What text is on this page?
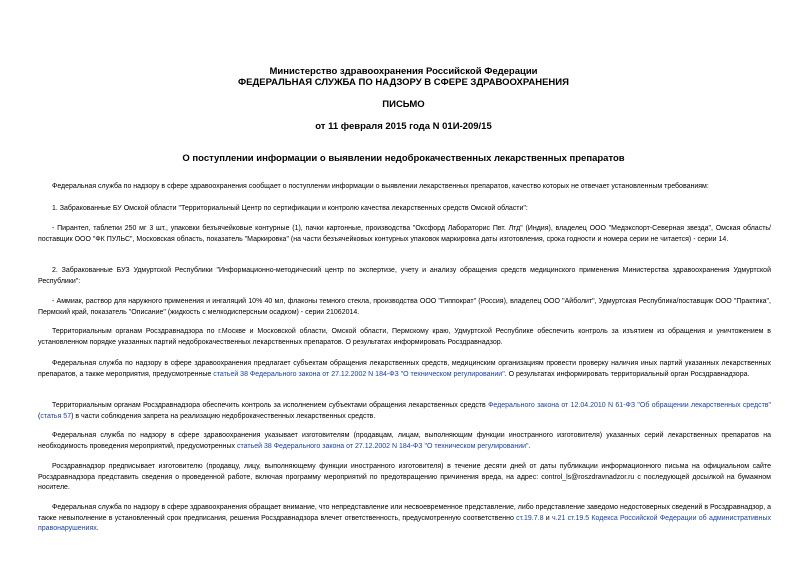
Министерство здравоохранения Российской Федерации
ФЕДЕРАЛЬНАЯ СЛУЖБА ПО НАДЗОРУ В СФЕРЕ ЗДРАВООХРАНЕНИЯ
ПИСЬМО
от 11 февраля 2015 года N 01И-209/15
О поступлении информации о выявлении недоброкачественных лекарственных препаратов

Федеральная служба по надзору в сфере здравоохранения сообщает о поступлении информации о выявлении лекарственных препаратов, качество которых не отвечает установленным требованиям:

1. Забракованные БУ Омской области "Территориальный Центр по сертификации и контролю качества лекарственных средств Омской области":

- Пирантел, таблетки 250 мг 3 шт., упаковки безъячейковые контурные (1), пачки картонные, производства "Оксфорд Лабораторис Пвт. Лтд" (Индия), владелец ООО "Медэкспорт-Северная звезда", Омская область/поставщик ООО "ФК ПУЛЬС", Московская область, показатель "Маркировка" (на части безъячейковых контурных упаковок маркировка даты изготовления, срока годности и номера серии не читается) - серии 14.

2. Забракованные БУЗ Удмуртской Республики "Информационно-методический центр по экспертизе, учету и анализу обращения средств медицинского применения Министерства здравоохранения Удмуртской Республики":

- Аммиак, раствор для наружного применения и ингаляций 10% 40 мл, флаконы темного стекла, производства ООО "Гиппократ" (Россия), владелец ООО "Айболит", Удмуртская Республика/поставщик ООО "Практика", Пермский край, показатель "Описание" (жидкость с мелкодисперсным осадком) - серии 21062014.

Территориальным органам Росздравнадзора по г.Москве и Московской области, Омской области, Пермскому краю, Удмуртской Республике обеспечить контроль за изъятием из обращения и уничтожением в установленном порядке указанных партий недоброкачественных лекарственных препаратов. О результатах информировать Росздравнадзор.

Федеральная служба по надзору в сфере здравоохранения предлагает субъектам обращения лекарственных средств, медицинским организациям провести проверку наличия иных партий указанных лекарственных препаратов, а также мероприятия, предусмотренные статьей 38 Федерального закона от 27.12.2002 N 184-ФЗ "О техническом регулировании". О результатах информировать территориальный орган Росздравнадзора.

Территориальным органам Росздравнадзора обеспечить контроль за исполнением субъектами обращения лекарственных средств Федерального закона от 12.04.2010 N 61-ФЗ "Об обращении лекарственных средств" (статья 57) в части соблюдения запрета на реализацию недоброкачественных лекарственных средств.

Федеральная служба по надзору в сфере здравоохранения указывает изготовителям (продавцам, лицам, выполняющим функции иностранного изготовителя) указанных серий лекарственных препаратов на необходимость проведения мероприятий, предусмотренных статьей 38 Федерального закона от 27.12.2002 N 184-ФЗ "О техническом регулировании".

Росздравнадзор предписывает изготовителю (продавцу, лицу, выполняющему функции иностранного изготовителя) в течение десяти дней от даты публикации информационного письма на официальном сайте Росздравнадзора представить сведения о проведенной работе, включая программу мероприятий по предотвращению причинения вреда, на адрес: control_ls@roszdravnadzor.ru с последующей досылкой на бумажном носителе.

Федеральная служба по надзору в сфере здравоохранения обращает внимание, что непредставление или несвоевременное представление, либо представление заведомо недостоверных сведений в Росздравнадзор, а также невыполнение в установленный срок предписания, решения Росздравнадзора влечет ответственность, предусмотренную соответственно ст.19.7.8 и ч.21 ст.19.5 Кодекса Российской Федерации об административных правонарушениях.
